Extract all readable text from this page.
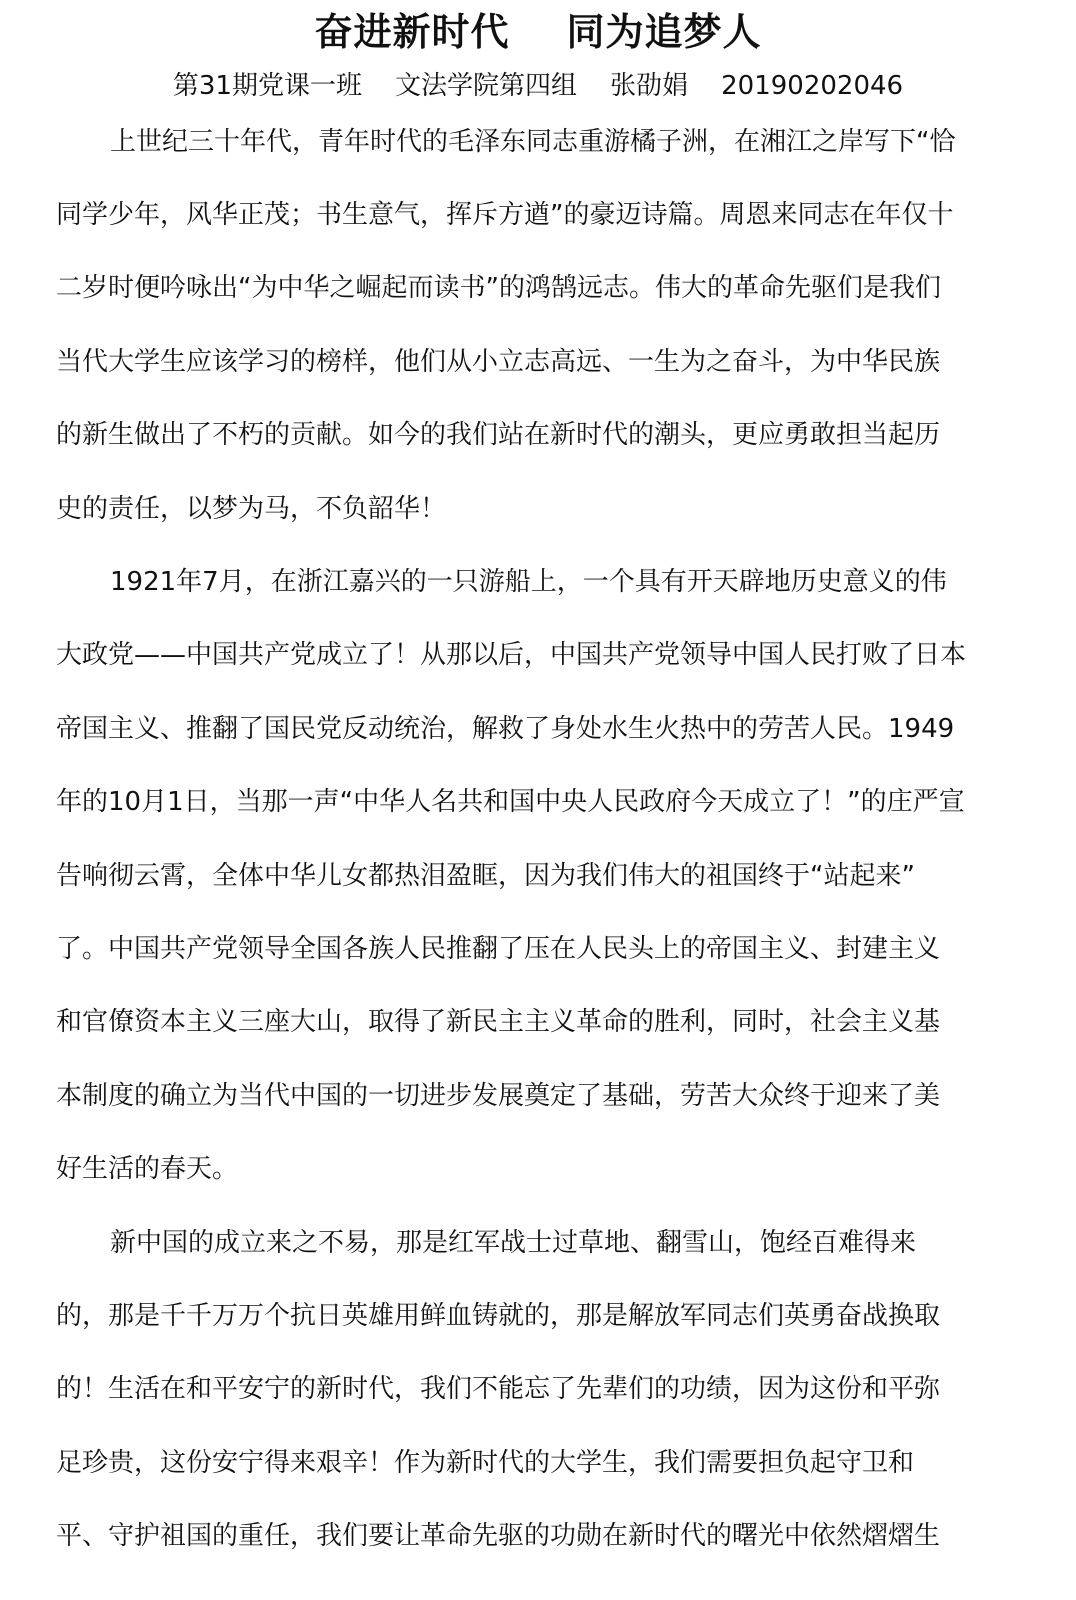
奋进新时代    同为追梦人
第31期党课一班    文法学院第四组    张劭娟    20190202046
上世纪三十年代，青年时代的毛泽东同志重游橘子洲，在湘江之岸写下“恰
同学少年，风华正茂；书生意气，挥斥方遒”的豪迈诗篇。周恩来同志在年仅十
二岁时便吟咏出“为中华之崛起而读书”的鸿鹄远志。伟大的革命先驱们是我们
当代大学生应该学习的榜样，他们从小立志高远、一生为之奋斗，为中华民族
的新生做出了不朽的贡献。如今的我们站在新时代的潮头，更应勇敢担当起历
史的责任，以梦为马，不负韶华！
1921年7月，在浙江嘉兴的一只游船上，一个具有开天辟地历史意义的伟
大政党——中国共产党成立了！从那以后，中国共产党领导中国人民打败了日本
帝国主义、推翻了国民党反动统治，解救了身处水生火热中的劳苦人民。1949
年的10月1日，当那一声“中华人名共和国中央人民政府今天成立了！”的庄严宣
告响彻云霄，全体中华儿女都热泪盈眶，因为我们伟大的祖国终于“站起来”
了。中国共产党领导全国各族人民推翻了压在人民头上的帝国主义、封建主义
和官僚资本主义三座大山，取得了新民主主义革命的胜利，同时，社会主义基
本制度的确立为当代中国的一切进步发展奠定了基础，劳苦大众终于迎来了美
好生活的春天。
新中国的成立来之不易，那是红军战士过草地、翻雪山，饱经百难得来
的，那是千千万万个抗日英雄用鲜血铸就的，那是解放军同志们英勇奋战换取
的！生活在和平安宁的新时代，我们不能忘了先辈们的功绩，因为这份和平弥
足珍贵，这份安宁得来艰辛！作为新时代的大学生，我们需要担负起守卫和
平、守护祖国的重任，我们要让革命先驱的功勋在新时代的曙光中依然熠熠生
